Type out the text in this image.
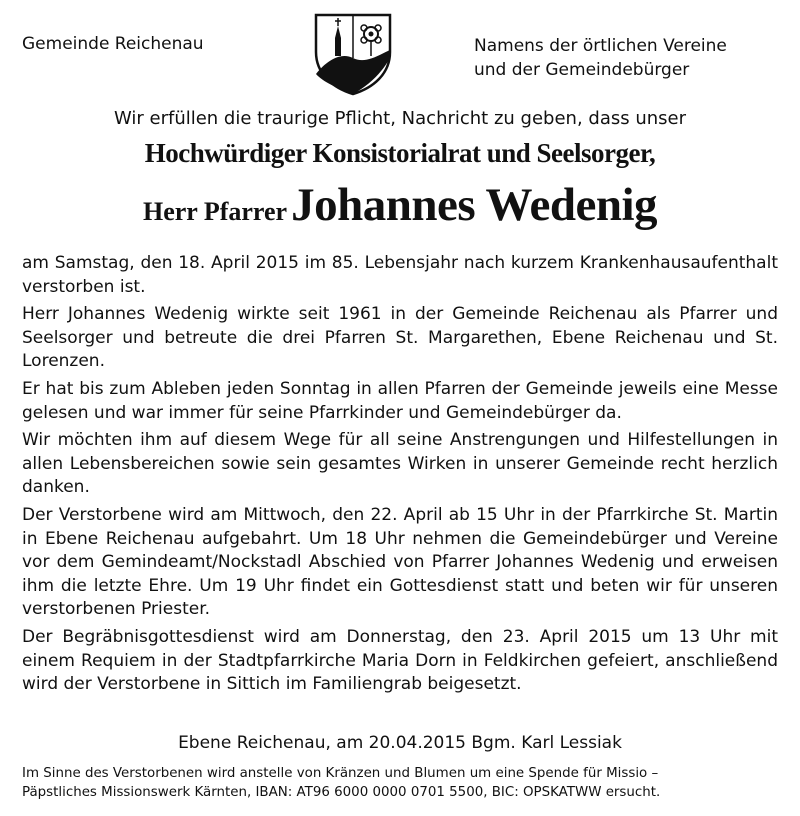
Gemeinde Reichenau	Namens der örtlichen Vereine
und der Gemeindebürger
Wir erfüllen die traurige Pflicht, Nachricht zu geben, dass unser
Hochwürdiger Konsistorialrat und Seelsorger,
Herr Pfarrer Johannes Wedenig

am Samstag, den 18. April 2015 im 85. Lebensjahr nach kurzem Krankenhausaufenthalt verstorben ist.

Herr Johannes Wedenig wirkte seit 1961 in der Gemeinde Reichenau als Pfarrer und Seelsorger und betreute die drei Pfarren St. Margarethen, Ebene Reichenau und St. Lorenzen.

Er hat bis zum Ableben jeden Sonntag in allen Pfarren der Gemeinde jeweils eine Messe gelesen und war immer für seine Pfarrkinder und Gemeindebürger da.

Wir möchten ihm auf diesem Wege für all seine Anstrengungen und Hilfestellungen in allen Lebensbereichen sowie sein gesamtes Wirken in unserer Gemeinde recht herzlich danken.

Der Verstorbene wird am Mittwoch, den 22. April ab 15 Uhr in der Pfarrkirche St. Martin in Ebene Reichenau aufgebahrt. Um 18 Uhr nehmen die Gemeindebürger und Vereine vor dem Gemindeamt/Nockstadl Abschied von Pfarrer Johannes Wedenig und erweisen ihm die letzte Ehre. Um 19 Uhr findet ein Gottesdienst statt und beten wir für unseren verstorbenen Priester.

Der Begräbnisgottesdienst wird am Donnerstag, den 23. April 2015 um 13 Uhr mit einem Requiem in der Stadtpfarrkirche Maria Dorn in Feldkirchen gefeiert, anschließend wird der Verstorbene in Sittich im Familiengrab beigesetzt.

Ebene Reichenau, am 20.04.2015 Bgm. Karl Lessiak
Im Sinne des Verstorbenen wird anstelle von Kränzen und Blumen um eine Spende für Missio –
Päpstliches Missionswerk Kärnten, IBAN: AT96 6000 0000 0701 5500, BIC: OPSKATWW ersucht.
